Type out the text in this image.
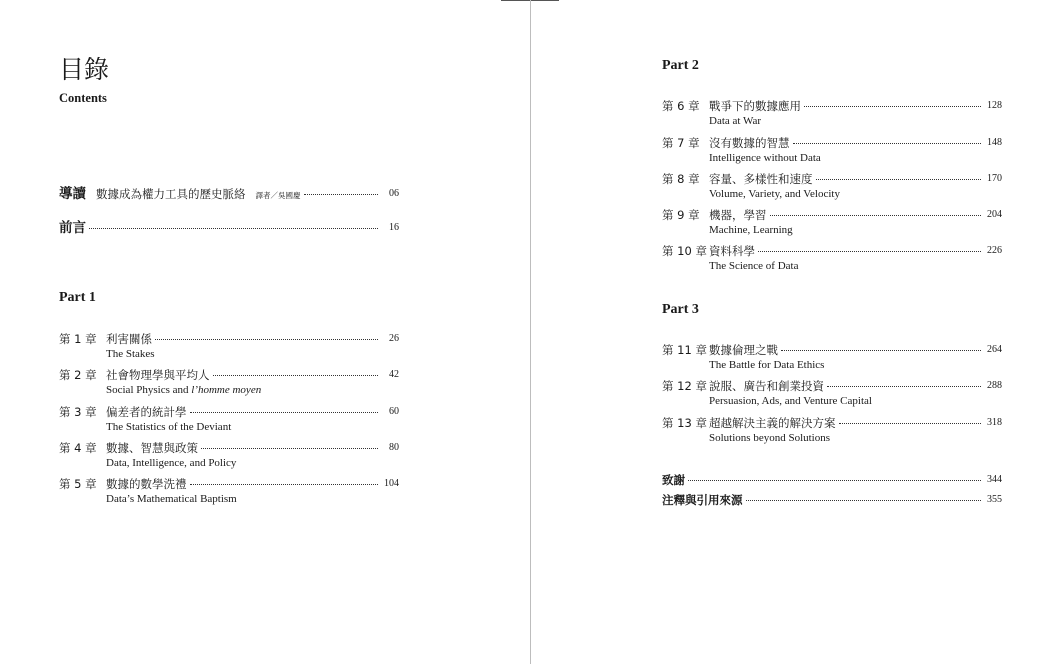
目錄
Contents
導讀 數據成為權力工具的歷史脈絡 譯者／吳國慶	06
前言	16
Part 1
第 1 章 利害關係	26
The Stakes
第 2 章 社會物理學與平均人	42
Social Physics and l’homme moyen
第 3 章 偏差者的統計學	60
The Statistics of the Deviant
第 4 章 數據、智慧與政策	80
Data, Intelligence, and Policy
第 5 章 數據的數學洗禮	104
Data’s Mathematical Baptism
Part 2
第 6 章 戰爭下的數據應用	128
Data at War
第 7 章 沒有數據的智慧	148
Intelligence without Data
第 8 章 容量、多樣性和速度	170
Volume, Variety, and Velocity
第 9 章 機器，學習	204
Machine, Learning
第 10 章 資料科學	226
The Science of Data
Part 3
第 11 章 數據倫理之戰	264
The Battle for Data Ethics
第 12 章 說服、廣告和創業投資	288
Persuasion, Ads, and Venture Capital
第 13 章 超越解決主義的解決方案	318
Solutions beyond Solutions
致謝	344
注釋與引用來源	355
